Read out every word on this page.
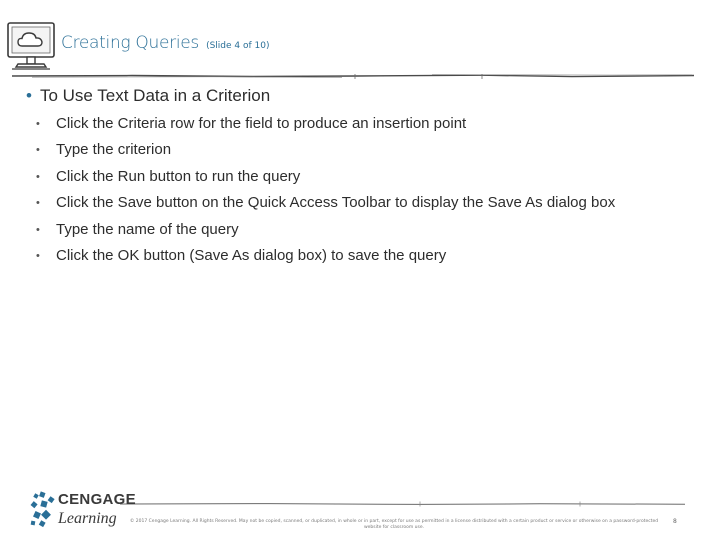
Creating Queries (Slide 4 of 10)
• To Use Text Data in a Criterion
• Click the Criteria row for the field to produce an insertion point
• Type the criterion
• Click the Run button to run the query
• Click the Save button on the Quick Access Toolbar to display the Save As dialog box
• Type the name of the query
• Click the OK button (Save As dialog box) to save the query
CENGAGE
Learning	© 2017 Cengage Learning. All Rights Reserved. May not be copied, scanned, or duplicated, in whole or in part, except for use as permitted in a license distributed with a certain product or service or otherwise on a password-protected website for classroom use.
8
